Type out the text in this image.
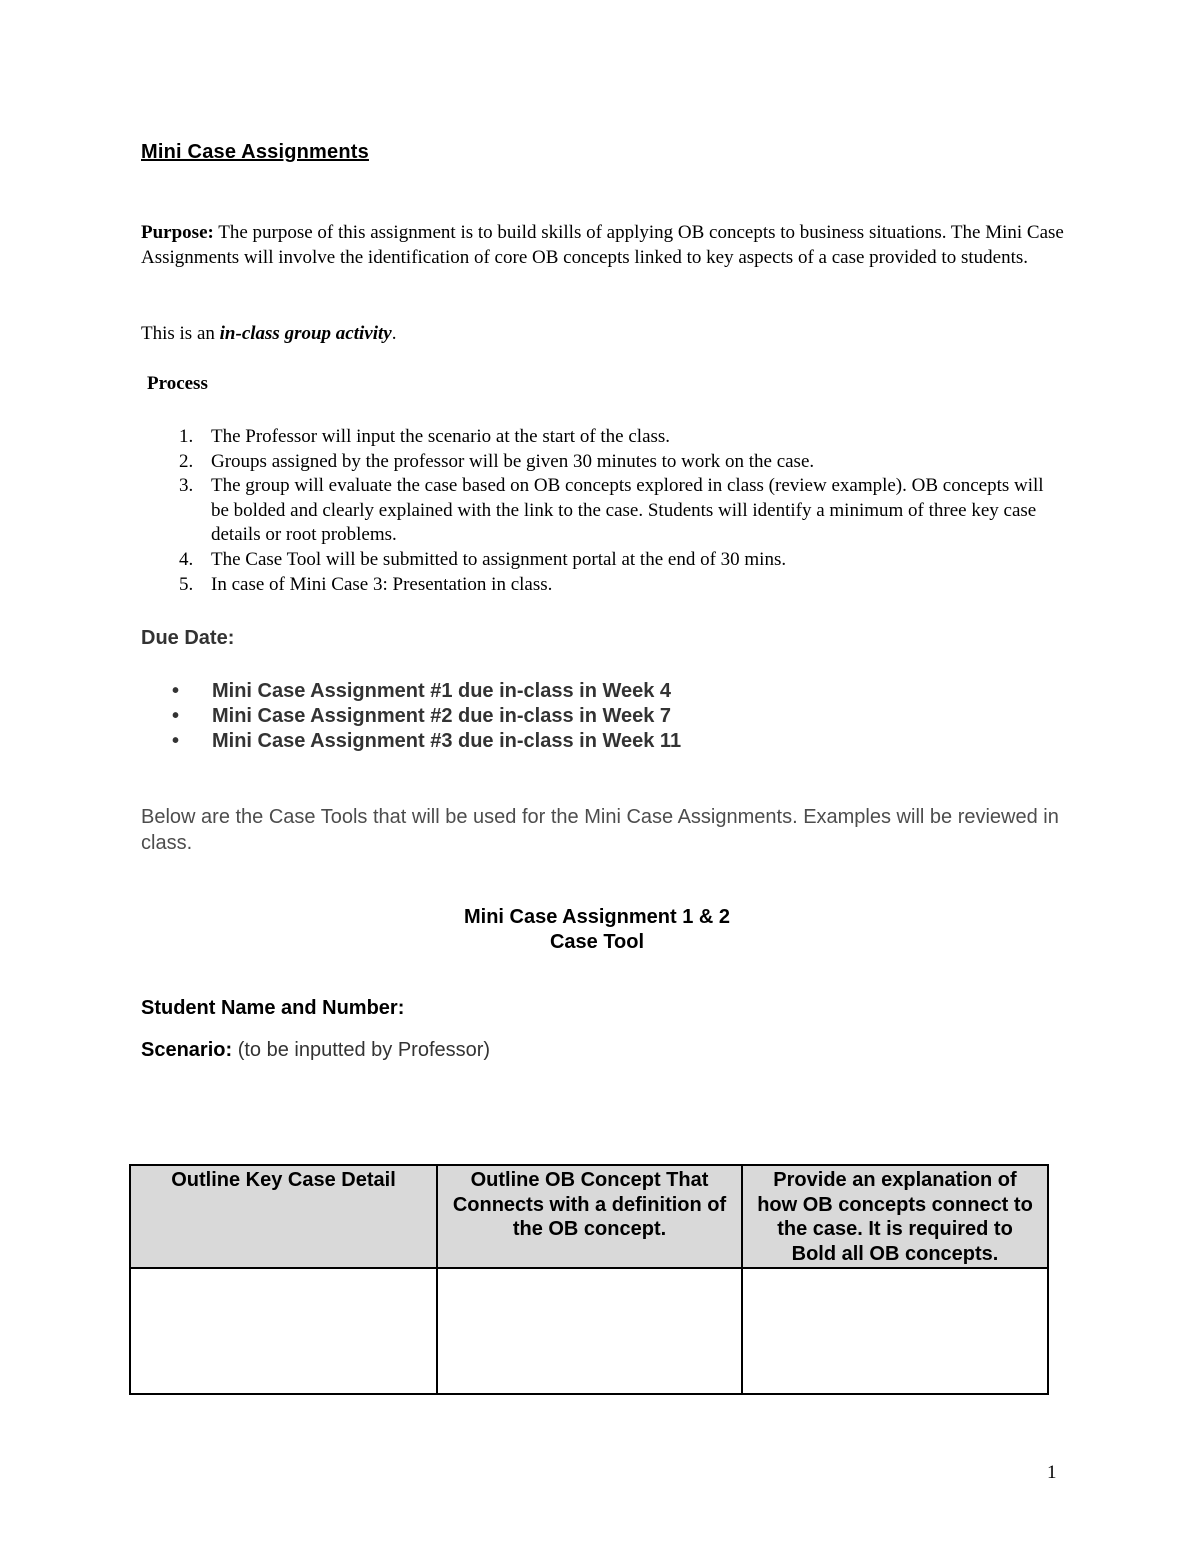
Mini Case Assignments
Purpose: The purpose of this assignment is to build skills of applying OB concepts to business situations. The Mini Case Assignments will involve the identification of core OB concepts linked to key aspects of a case provided to students.
This is an in-class group activity.
Process
1. The Professor will input the scenario at the start of the class.
2. Groups assigned by the professor will be given 30 minutes to work on the case.
3. The group will evaluate the case based on OB concepts explored in class (review example). OB concepts will be bolded and clearly explained with the link to the case. Students will identify a minimum of three key case details or root problems.
4. The Case Tool will be submitted to assignment portal at the end of 30 mins.
5. In case of Mini Case 3: Presentation in class.
Due Date:
•	Mini Case Assignment #1 due in-class in Week 4
•	Mini Case Assignment #2 due in-class in Week 7
•	Mini Case Assignment #3 due in-class in Week 11
Below are the Case Tools that will be used for the Mini Case Assignments. Examples will be reviewed in class.
Mini Case Assignment 1 & 2
Case Tool
Student Name and Number:
Scenario: (to be inputted by Professor)
Outline Key Case Detail	Outline OB Concept That Connects with a definition of the OB concept.	Provide an explanation of how OB concepts connect to the case. It is required to Bold all OB concepts.

1
